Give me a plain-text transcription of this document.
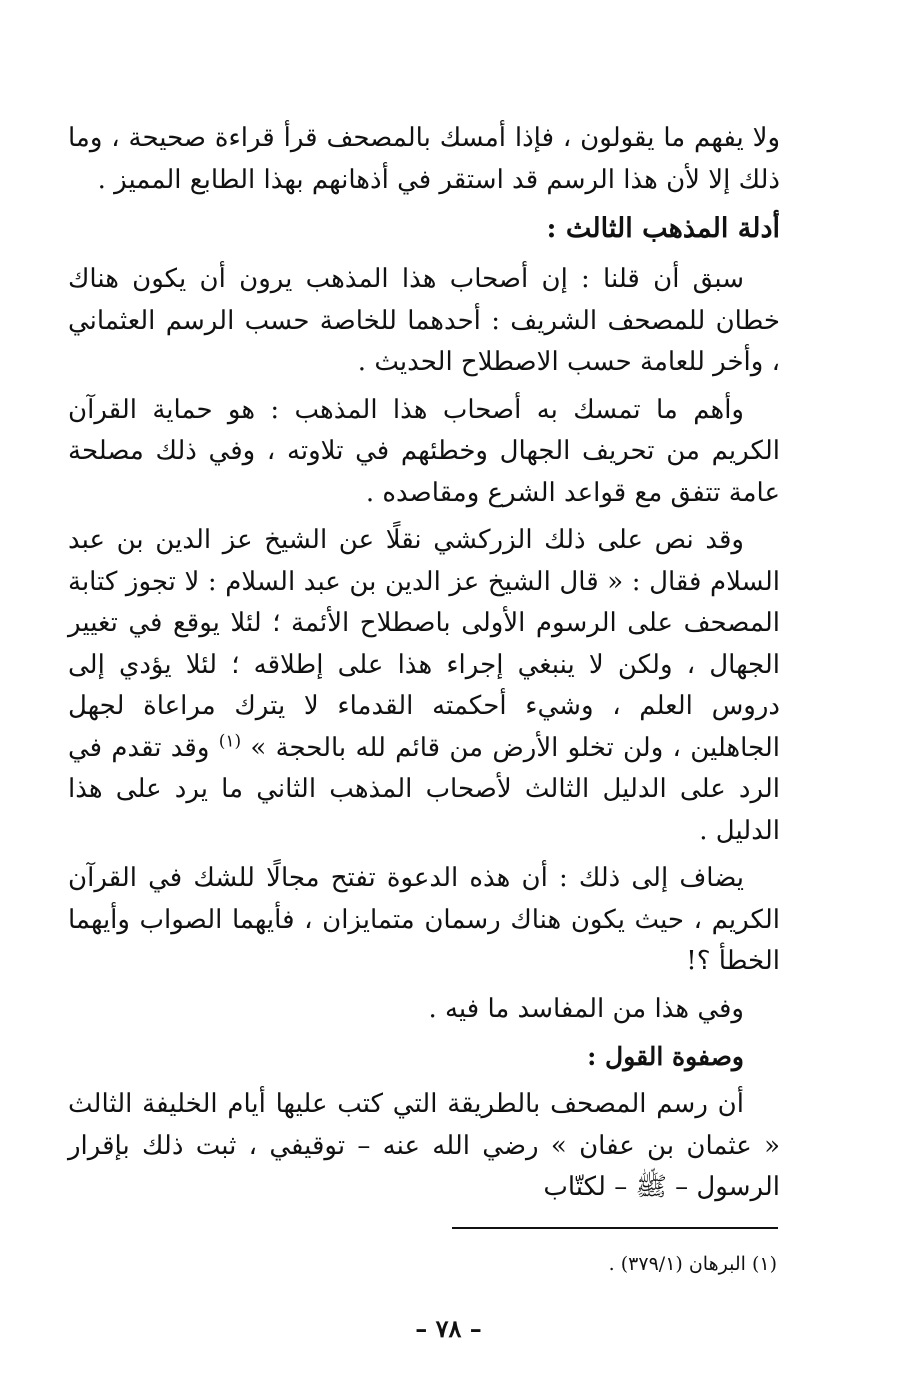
ولا يفهم ما يقولون ، فإذا أمسك بالمصحف قرأ قراءة صحيحة ، وما ذلك إلا لأن هذا الرسم قد استقر في أذهانهم بهذا الطابع المميز .

أدلة المذهب الثالث :

سبق أن قلنا : إن أصحاب هذا المذهب يرون أن يكون هناك خطان للمصحف الشريف : أحدهما للخاصة حسب الرسم العثماني ، وأخر للعامة حسب الاصطلاح الحديث .

وأهم ما تمسك به أصحاب هذا المذهب : هو حماية القرآن الكريم من تحريف الجهال وخطئهم في تلاوته ، وفي ذلك مصلحة عامة تتفق مع قواعد الشرع ومقاصده .

وقد نص على ذلك الزركشي نقلًا عن الشيخ عز الدين بن عبد السلام فقال : « قال الشيخ عز الدين بن عبد السلام : لا تجوز كتابة المصحف على الرسوم الأولى باصطلاح الأئمة ؛ لئلا يوقع في تغيير الجهال ، ولكن لا ينبغي إجراء هذا على إطلاقه ؛ لئلا يؤدي إلى دروس العلم ، وشيء أحكمته القدماء لا يترك مراعاة لجهل الجاهلين ، ولن تخلو الأرض من قائم لله بالحجة » $^{(١)}$ وقد تقدم في الرد على الدليل الثالث لأصحاب المذهب الثاني ما يرد على هذا الدليل .

يضاف إلى ذلك : أن هذه الدعوة تفتح مجالًا للشك في القرآن الكريم ، حيث يكون هناك رسمان متمايزان ، فأيهما الصواب وأيهما الخطأ ؟!

وفي هذا من المفاسد ما فيه .

وصفوة القول :

أن رسم المصحف بالطريقة التي كتب عليها أيام الخليفة الثالث « عثمان بن عفان » رضي الله عنه – توقيفي ، ثبت ذلك بإقرار الرسول – ﷺ – لكتّاب

(١) البرهان (٣٧٩/١) .
– ٧٨ –
